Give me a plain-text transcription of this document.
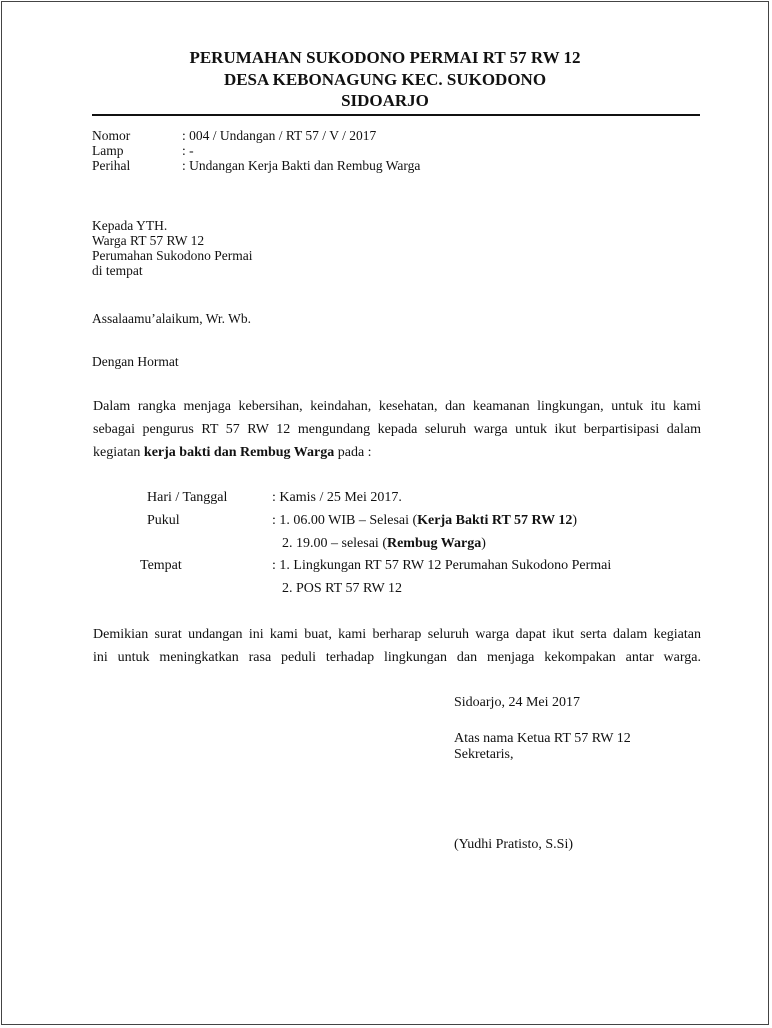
PERUMAHAN SUKODONO PERMAI RT 57 RW 12
DESA KEBONAGUNG KEC. SUKODONO
SIDOARJO
Nomor	: 004 / Undangan / RT 57 / V / 2017
Lamp	: -
Perihal	: Undangan Kerja Bakti dan Rembug Warga
Kepada YTH.
Warga RT 57 RW 12
Perumahan Sukodono Permai
di tempat
Assalaamu’alaikum, Wr. Wb.
Dengan Hormat
Dalam rangka menjaga kebersihan, keindahan, kesehatan, dan keamanan lingkungan, untuk itu kami
sebagai pengurus RT 57 RW 12 mengundang kepada seluruh warga untuk ikut berpartisipasi dalam
kegiatan kerja bakti dan Rembug Warga pada :
Hari / Tanggal	: Kamis / 25 Mei 2017.
Pukul	: 1. 06.00 WIB – Selesai (Kerja Bakti RT 57 RW 12)
2. 19.00 – selesai (Rembug Warga)
Tempat	: 1. Lingkungan RT 57 RW 12 Perumahan Sukodono Permai
2. POS RT 57 RW 12
Demikian surat undangan ini kami buat, kami berharap seluruh warga dapat ikut serta dalam kegiatan
ini untuk meningkatkan rasa peduli terhadap lingkungan dan menjaga kekompakan antar warga.
Sidoarjo, 24 Mei 2017
Atas nama Ketua RT 57 RW 12
Sekretaris,
(Yudhi Pratisto, S.Si)
